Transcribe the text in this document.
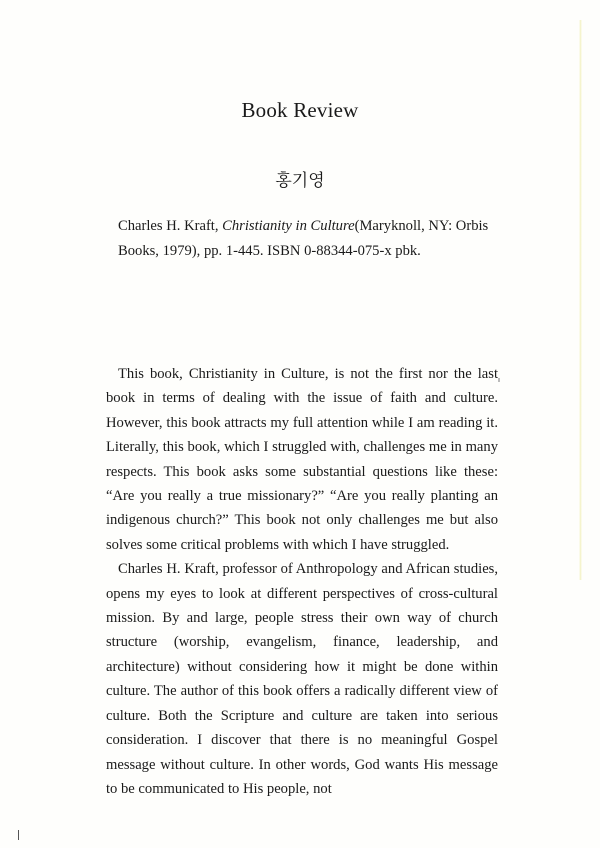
Book Review
홍기영
Charles H. Kraft, Christianity in Culture(Maryknoll, NY: Orbis Books, 1979), pp. 1-445. ISBN 0-88344-075-x pbk.

This book, Christianity in Culture, is not the first nor the last book in terms of dealing with the issue of faith and culture. However, this book attracts my full attention while I am reading it. Literally, this book, which I struggled with, challenges me in many respects. This book asks some substantial questions like these: “Are you really a true missionary?” “Are you really planting an indigenous church?” This book not only challenges me but also solves some critical problems with which I have struggled.

Charles H. Kraft, professor of Anthropology and African studies, opens my eyes to look at different perspectives of cross-cultural mission. By and large, people stress their own way of church structure (worship, evangelism, finance, leadership, and architecture) without considering how it might be done within culture. The author of this book offers a radically different view of culture. Both the Scripture and culture are taken into serious consideration. I discover that there is no meaningful Gospel message without culture. In other words, God wants His message to be communicated to His people, not
